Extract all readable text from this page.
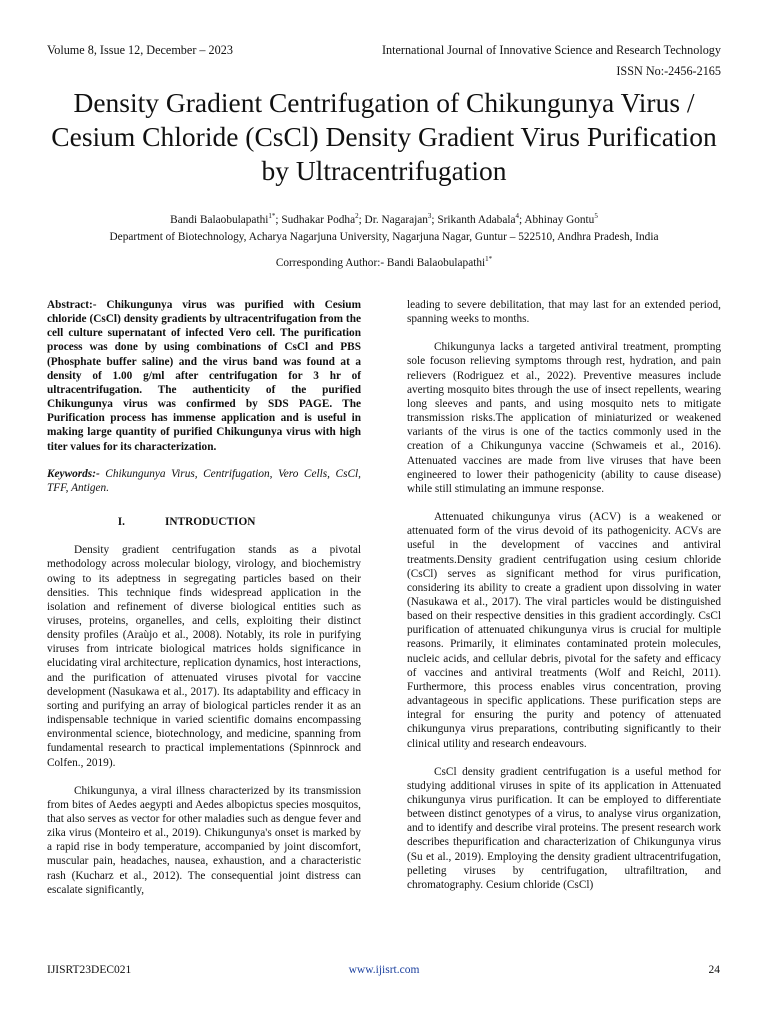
Volume 8, Issue 12, December – 2023	International Journal of Innovative Science and Research Technology
ISSN No:-2456-2165
Density Gradient Centrifugation of Chikungunya Virus / Cesium Chloride (CsCl) Density Gradient Virus Purification by Ultracentrifugation
Bandi Balaobulapathi$^{1*}$; Sudhakar Podha$^2$; Dr. Nagarajan$^3$; Srikanth Adabala$^4$; Abhinay Gontu$^5$
Department of Biotechnology, Acharya Nagarjuna University, Nagarjuna Nagar, Guntur – 522510, Andhra Pradesh, India
Corresponding Author:- Bandi Balaobulapathi$^{1*}$

Abstract:- Chikungunya virus was purified with Cesium chloride (CsCl) density gradients by ultracentrifugation from the cell culture supernatant of infected Vero cell. The purification process was done by using combinations of CsCl and PBS (Phosphate buffer saline) and the virus band was found at a density of 1.00 g/ml after centrifugation for 3 hr of ultracentrifugation. The authenticity of the purified Chikungunya virus was confirmed by SDS PAGE. The Purification process has immense application and is useful in making large quantity of purified Chikungunya virus with high titer values for its characterization.

Keywords:- Chikungunya Virus, Centrifugation, Vero Cells, CsCl, TFF, Antigen.

I.	INTRODUCTION

Density gradient centrifugation stands as a pivotal methodology across molecular biology, virology, and biochemistry owing to its adeptness in segregating particles based on their densities. This technique finds widespread application in the isolation and refinement of diverse biological entities such as viruses, proteins, organelles, and cells, exploiting their distinct density profiles (Araùjo et al., 2008). Notably, its role in purifying viruses from intricate biological matrices holds significance in elucidating viral architecture, replication dynamics, host interactions, and the purification of attenuated viruses pivotal for vaccine development (Nasukawa et al., 2017). Its adaptability and efficacy in sorting and purifying an array of biological particles render it as an indispensable technique in varied scientific domains encompassing environmental science, biotechnology, and medicine, spanning from fundamental research to practical implementations (Spinnrock and Colfen., 2019).

Chikungunya, a viral illness characterized by its transmission from bites of Aedes aegypti and Aedes albopictus species mosquitos, that also serves as vector for other maladies such as dengue fever and zika virus (Monteiro et al., 2019). Chikungunya's onset is marked by a rapid rise in body temperature, accompanied by joint discomfort, muscular pain, headaches, nausea, exhaustion, and a characteristic rash (Kucharz et al., 2012). The consequential joint distress can escalate significantly,

leading to severe debilitation, that may last for an extended period, spanning weeks to months.

Chikungunya lacks a targeted antiviral treatment, prompting sole focuson relieving symptoms through rest, hydration, and pain relievers (Rodriguez et al., 2022). Preventive measures include averting mosquito bites through the use of insect repellents, wearing long sleeves and pants, and using mosquito nets to mitigate transmission risks.The application of miniaturized or weakened variants of the virus is one of the tactics commonly used in the creation of a Chikungunya vaccine (Schwameis et al., 2016). Attenuated vaccines are made from live viruses that have been engineered to lower their pathogenicity (ability to cause disease) while still stimulating an immune response.

Attenuated chikungunya virus (ACV) is a weakened or attenuated form of the virus devoid of its pathogenicity. ACVs are useful in the development of vaccines and antiviral treatments.Density gradient centrifugation using cesium chloride (CsCl) serves as significant method for virus purification, considering its ability to create a gradient upon dissolving in water (Nasukawa et al., 2017). The viral particles would be distinguished based on their respective densities in this gradient accordingly. CsCl purification of attenuated chikungunya virus is crucial for multiple reasons. Primarily, it eliminates contaminated protein molecules, nucleic acids, and cellular debris, pivotal for the safety and efficacy of vaccines and antiviral treatments (Wolf and Reichl, 2011). Furthermore, this process enables virus concentration, proving advantageous in specific applications. These purification steps are integral for ensuring the purity and potency of attenuated chikungunya virus preparations, contributing significantly to their clinical utility and research endeavours.

CsCl density gradient centrifugation is a useful method for studying additional viruses in spite of its application in Attenuated chikungunya virus purification. It can be employed to differentiate between distinct genotypes of a virus, to analyse virus organization, and to identify and describe viral proteins. The present research work describes thepurification and characterization of Chikungunya virus (Su et al., 2019). Employing the density gradient ultracentrifugation, pelleting viruses by centrifugation, ultrafiltration, and chromatography. Cesium chloride (CsCl)

IJISRT23DEC021	www.ijisrt.com	24
